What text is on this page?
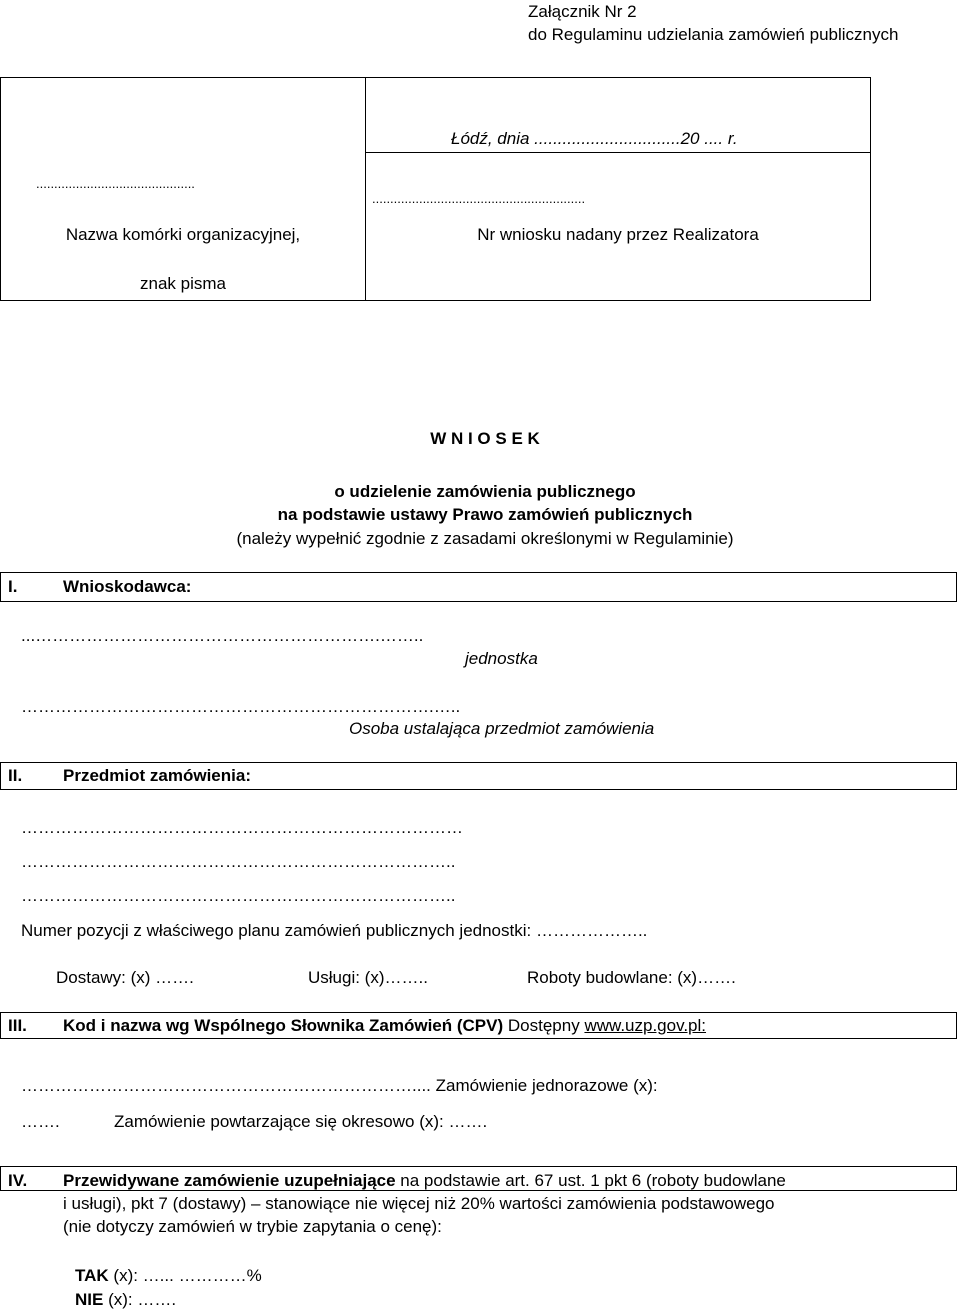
Załącznik Nr 2
do Regulaminu udzielania zamówień publicznych
............................................
Nazwa komórki organizacyjnej,
znak pisma
Łódź, dnia ...............................20 .... r.
...........................................................
Nr wniosku nadany przez Realizatora
W N I O S E K
o udzielenie zamówienia publicznego
na podstawie ustawy Prawo zamówień publicznych
(należy wypełnić zgodnie z zasadami określonymi w Regulaminie)
I.	Wnioskodawca:
...…………………………………………………….……..
jednostka
……………………………………………………………….…..
Osoba ustalająca przedmiot zamówienia
II. Przedmiot zamówienia:
……………………………………………………………………
…………………………………………………………………..
…………………………………………………………………..
Numer pozycji z właściwego planu zamówień publicznych jednostki: ………………..
Dostawy: (x) …….	Usługi: (x)……..	Roboty budowlane: (x)…….
III. Kod i nazwa wg Wspólnego Słownika Zamówień (CPV) Dostępny www.uzp.gov.pl:
…………………………………………………………….... Zamówienie jednorazowe (x):
…….	Zamówienie powtarzające się okresowo (x): …….
IV. Przewidywane zamówienie uzupełniające na podstawie art. 67 ust. 1 pkt 6 (roboty budowlane
i usługi), pkt 7 (dostawy) – stanowiące nie więcej niż 20% wartości zamówienia podstawowego
(nie dotyczy zamówień w trybie zapytania o cenę):
TAK (x): …... …………%
NIE (x): …….
